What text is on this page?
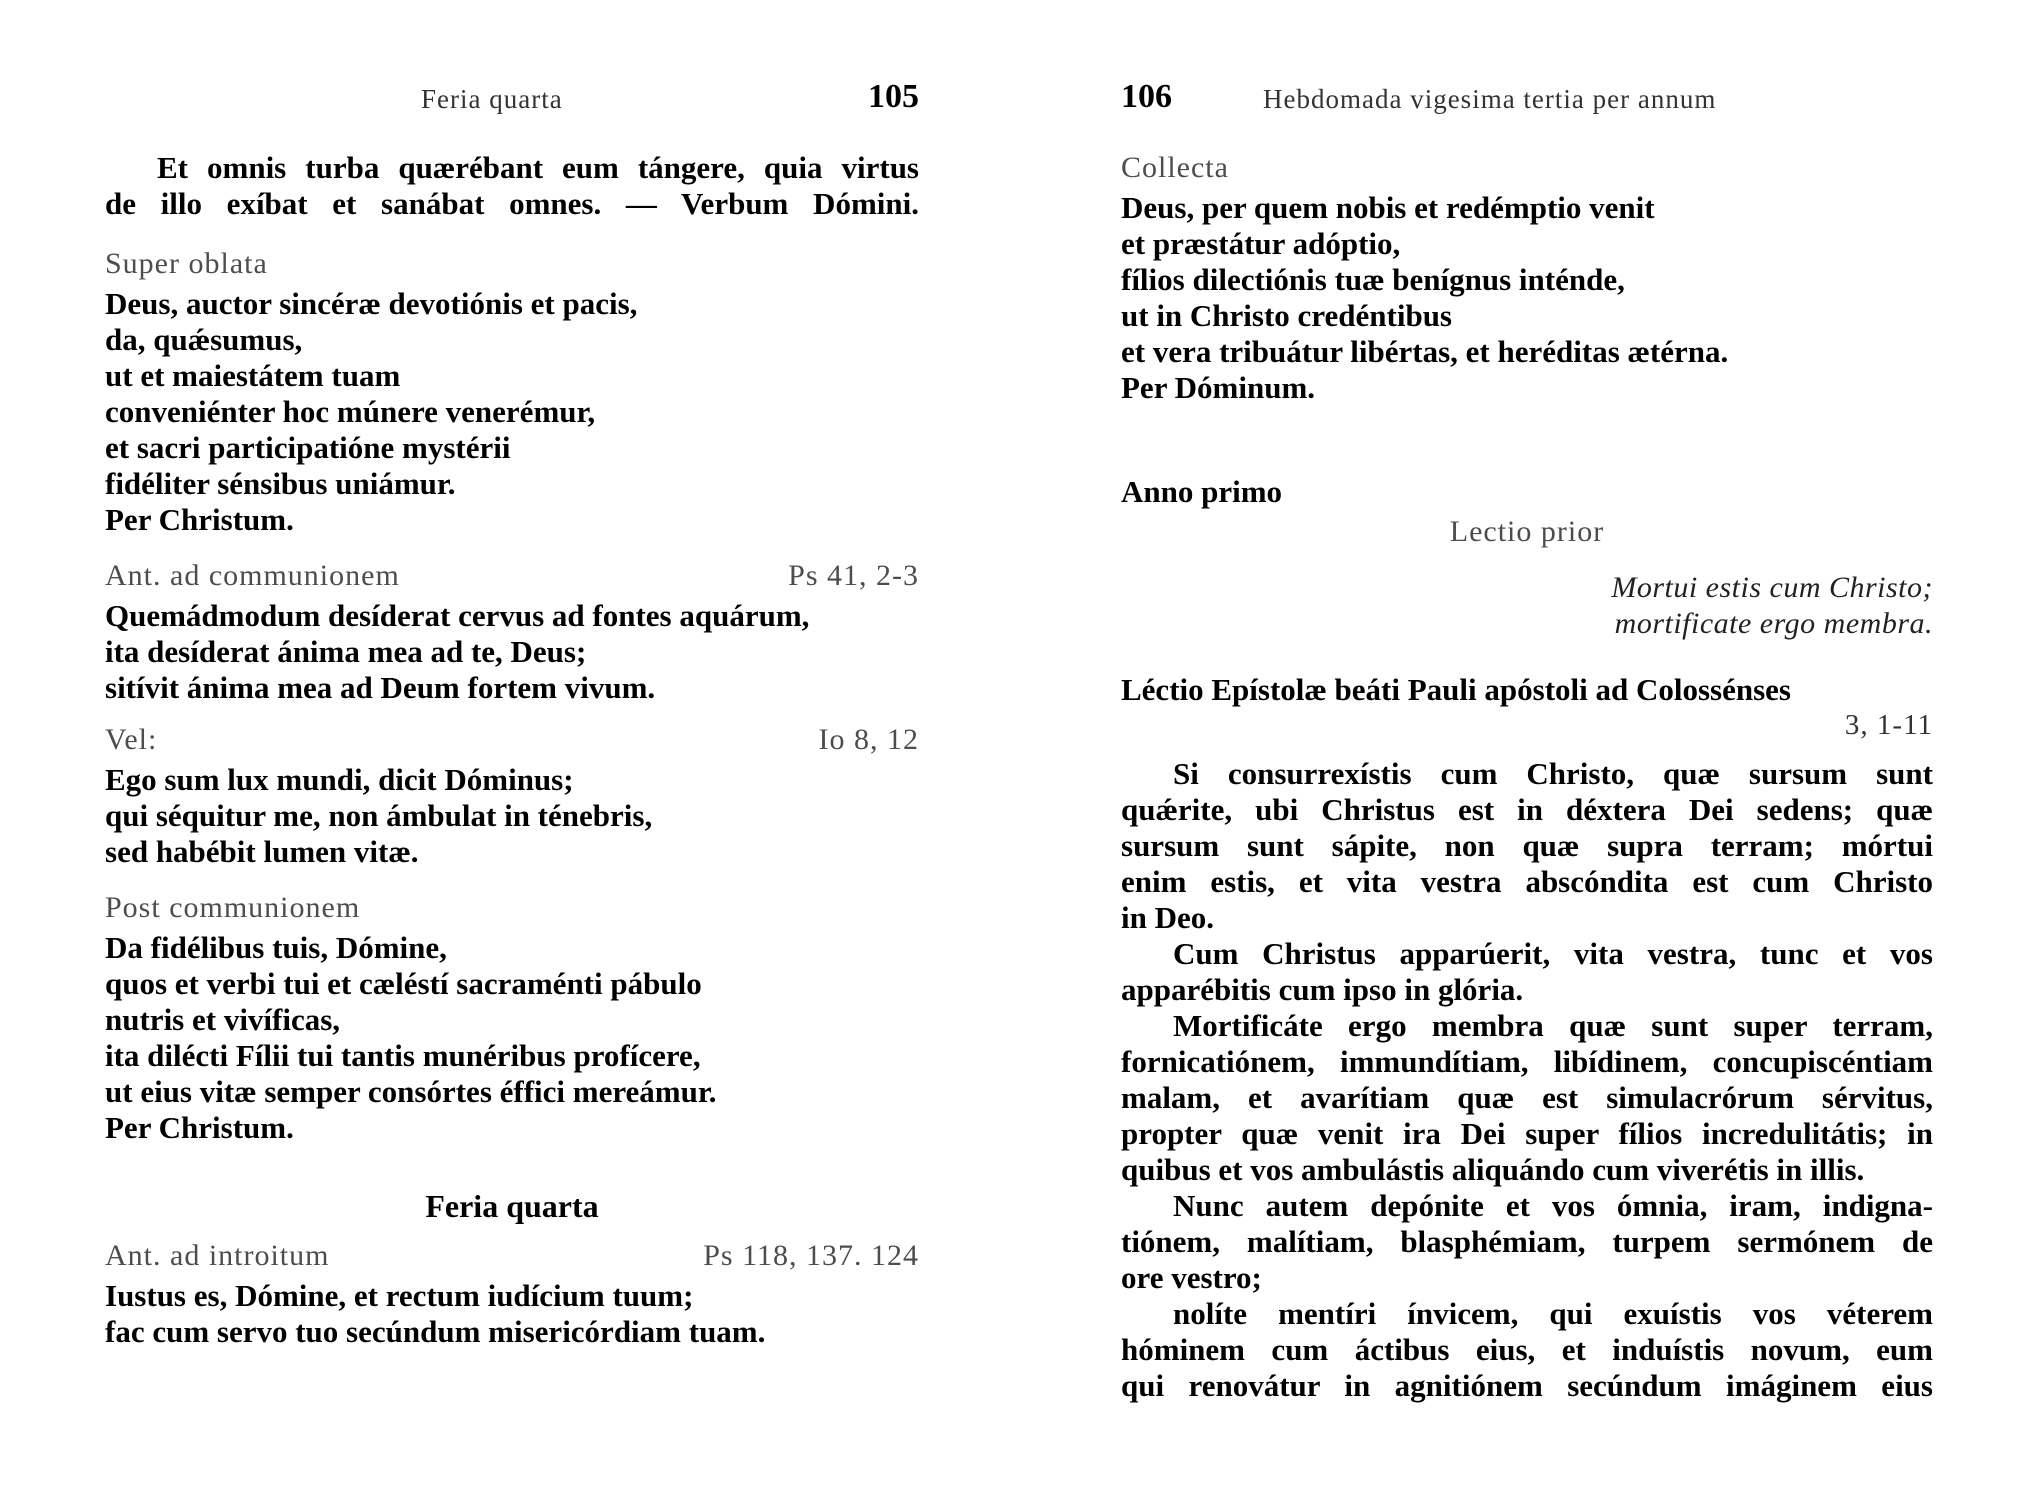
Feria quarta	105
Et omnis turba quærébant eum tángere, quia virtus
de illo exíbat et sanábat omnes. — Verbum Dómini.
Super oblata
Deus, auctor sincéræ devotiónis et pacis,
da, quǽsumus,
ut et maiestátem tuam
conveniénter hoc múnere venerémur,
et sacri participatióne mystérii
fidéliter sénsibus uniámur.
Per Christum.
Ant. ad communionem	Ps 41, 2-3
Quemádmodum desíderat cervus ad fontes aquárum,
ita desíderat ánima mea ad te, Deus;
sitívit ánima mea ad Deum fortem vivum.
Vel:	Io 8, 12
Ego sum lux mundi, dicit Dóminus;
qui séquitur me, non ámbulat in ténebris,
sed habébit lumen vitæ.
Post communionem
Da fidélibus tuis, Dómine,
quos et verbi tui et cæléstí sacraménti pábulo
nutris et vivíficas,
ita dilécti Fílii tui tantis munéribus profícere,
ut eius vitæ semper consórtes éffici mereámur.
Per Christum.
Feria quarta
Ant. ad introitum	Ps 118, 137. 124
Iustus es, Dómine, et rectum iudícium tuum;
fac cum servo tuo secúndum misericórdiam tuam.
106	Hebdomada vigesima tertia per annum
Collecta
Deus, per quem nobis et redémptio venit
et præstátur adóptio,
fílios dilectiónis tuæ benígnus inténde,
ut in Christo credéntibus
et vera tribuátur libértas, et heréditas ætérna.
Per Dóminum.
Anno primo
Lectio prior
Mortui estis cum Christo;
mortificate ergo membra.
Léctio Epístolæ beáti Pauli apóstoli ad Colossénses
3, 1-11
Si consurrexístis cum Christo, quæ sursum sunt
quǽrite, ubi Christus est in déxtera Dei sedens; quæ
sursum sunt sápite, non quæ supra terram; mórtui
enim estis, et vita vestra abscóndita est cum Christo
in Deo.
Cum Christus apparúerit, vita vestra, tunc et vos
apparébitis cum ipso in glória.
Mortificáte ergo membra quæ sunt super terram,
fornicatiónem, immundítiam, libídinem, concupiscéntiam
malam, et avarítiam quæ est simulacrórum sérvitus,
propter quæ venit ira Dei super fílios incredulitátis; in
quibus et vos ambulástis aliquándo cum viverétis in illis.
Nunc autem depónite et vos ómnia, iram, indigna-
tiónem, malítiam, blasphémiam, turpem sermónem de
ore vestro;
nolíte mentíri ínvicem, qui exuístis vos véterem
hóminem cum áctibus eius, et induístis novum, eum
qui renovátur in agnitiónem secúndum imáginem eius
